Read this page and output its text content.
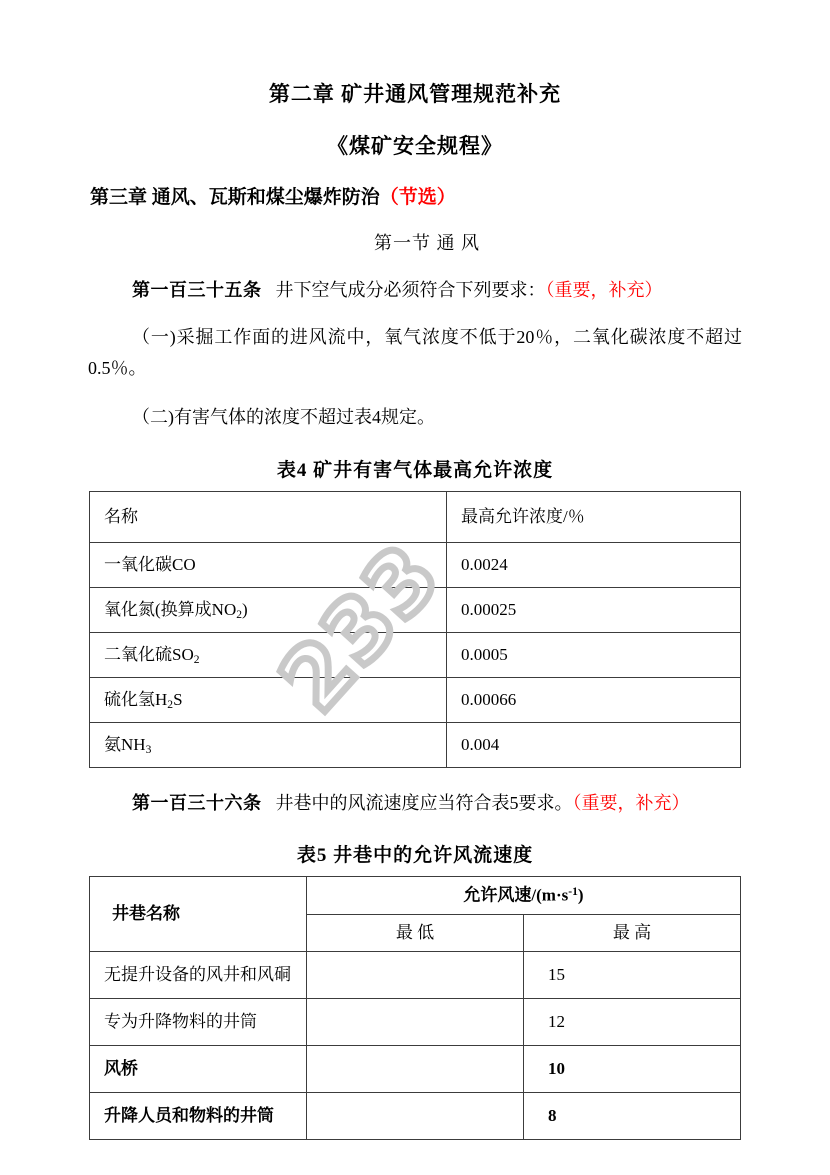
233
第二章 矿井通风管理规范补充
《煤矿安全规程》
第三章 通风、瓦斯和煤尘爆炸防治（节选）
第一节 通 风
第一百三十五条 井下空气成分必须符合下列要求：（重要，补充）
（一)采掘工作面的进风流中，氧气浓度不低于20％，二氧化碳浓度不超过0.5％。
（二)有害气体的浓度不超过表4规定。
表4 矿井有害气体最高允许浓度
名称	最高允许浓度/％
一氧化碳CO	0.0024
氧化氮(换算成$NO_2$)	0.00025
二氧化硫$SO_2$	0.0005
硫化氢$H_2S$	0.00066
氨$NH_3$	0.004
第一百三十六条 井巷中的风流速度应当符合表5要求。（重要，补充）
表5 井巷中的允许风流速度
井巷名称	允许风速$/(m\cdot s^{-1})$	
	最 低	最 高
无提升设备的风井和风硐		15
专为升降物料的井筒		12
风桥		10
升降人员和物料的井筒		8
